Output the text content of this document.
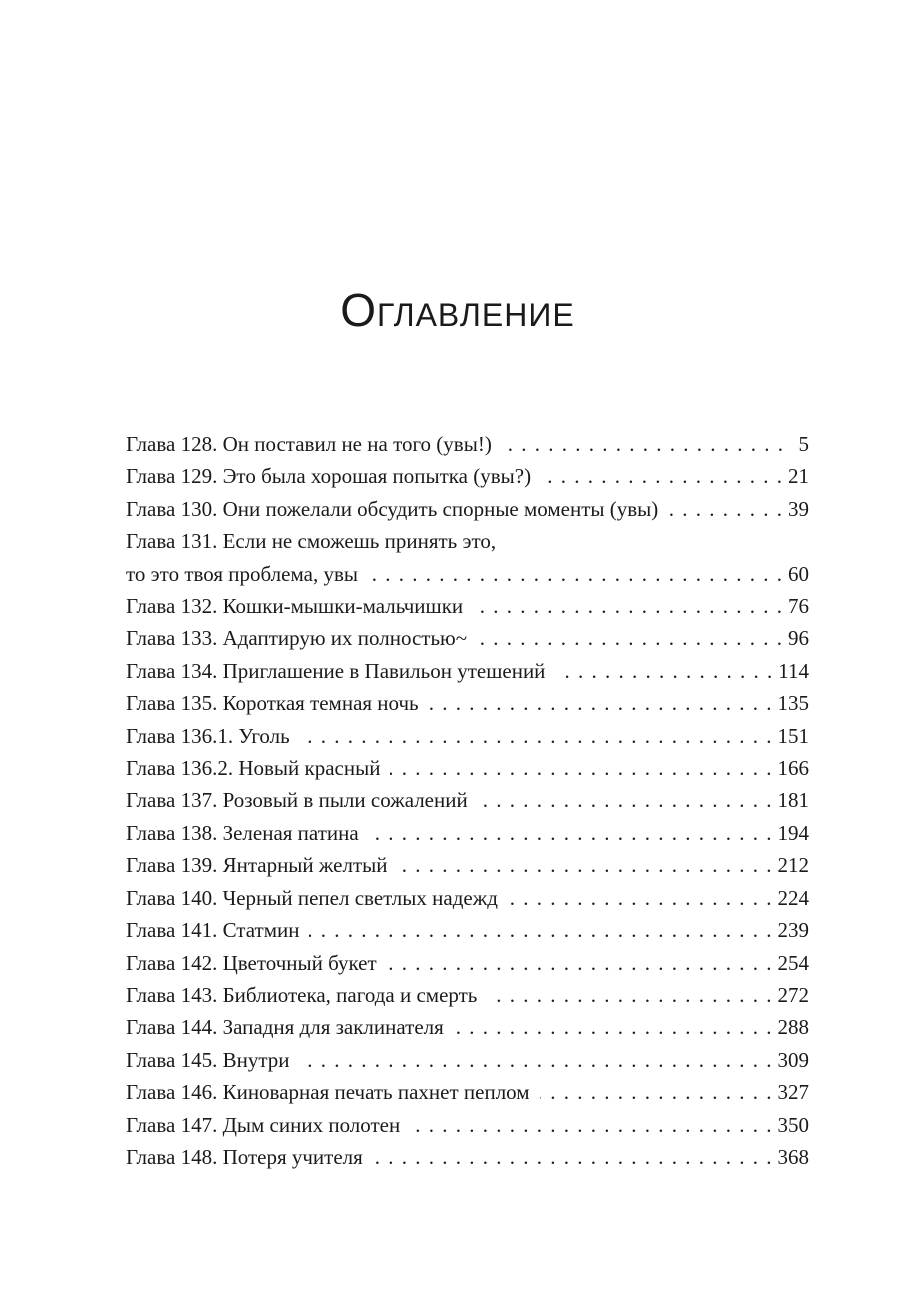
Оглавление
Глава 128. Он поставил не на того (увы!) . . .	5
Глава 129. Это была хорошая попытка (увы?) . . .	21
Глава 130. Они пожелали обсудить спорные моменты (увы) . . .	39
Глава 131. Если не сможешь принять это,
то это твоя проблема, увы . . .	60
Глава 132. Кошки-мышки-мальчишки . . .	76
Глава 133. Адаптирую их полностью~ . . .	96
Глава 134. Приглашение в Павильон утешений . . .	114
Глава 135. Короткая темная ночь . . .	135
Глава 136.1. Уголь . . .	151
Глава 136.2. Новый красный . . .	166
Глава 137. Розовый в пыли сожалений . . .	181
Глава 138. Зеленая патина . . .	194
Глава 139. Янтарный желтый . . .	212
Глава 140. Черный пепел светлых надежд . . .	224
Глава 141. Статмин . . .	239
Глава 142. Цветочный букет . . .	254
Глава 143. Библиотека, пагода и смерть . . .	272
Глава 144. Западня для заклинателя . . .	288
Глава 145. Внутри . . .	309
Глава 146. Киноварная печать пахнет пеплом . . .	327
Глава 147. Дым синих полотен . . .	350
Глава 148. Потеря учителя . . .	368
